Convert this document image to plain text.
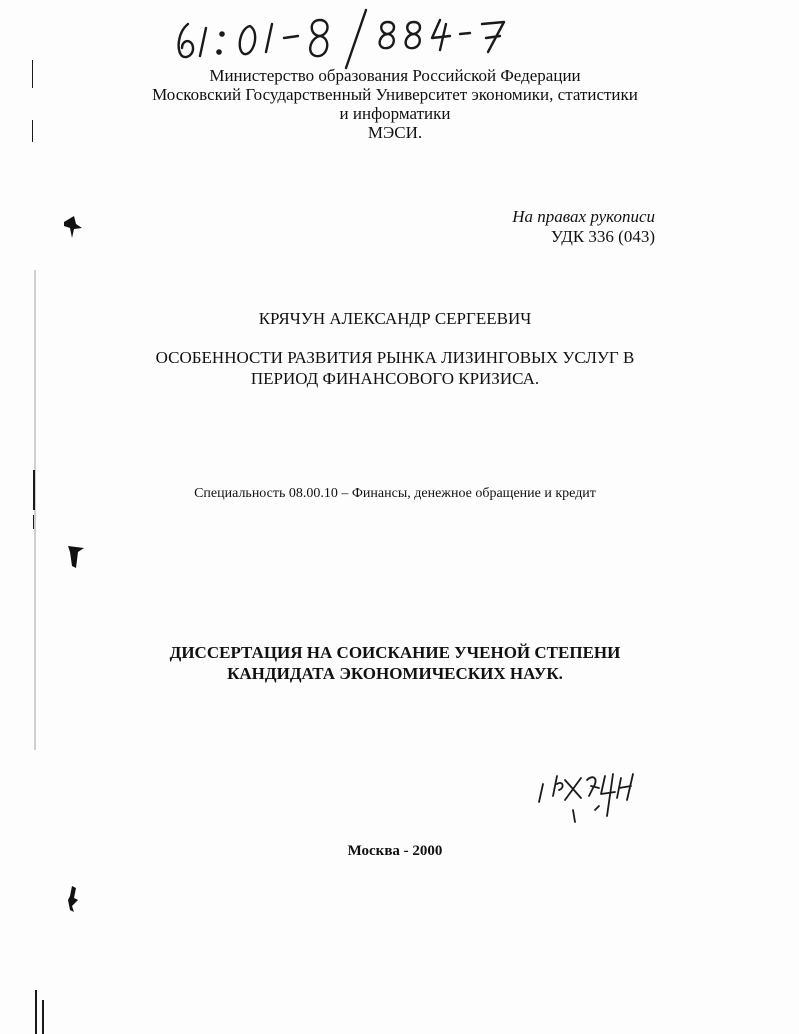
Министерство образования Российской Федерации
Московский Государственный Университет экономики, статистики
и информатики
МЭСИ.
На правах рукописи
УДК 336 (043)
КРЯЧУН АЛЕКСАНДР СЕРГЕЕВИЧ
ОСОБЕННОСТИ РАЗВИТИЯ РЫНКА ЛИЗИНГОВЫХ УСЛУГ В
ПЕРИОД ФИНАНСОВОГО КРИЗИСА.
Специальность 08.00.10 – Финансы, денежное обращение и кредит
ДИССЕРТАЦИЯ НА СОИСКАНИЕ УЧЕНОЙ СТЕПЕНИ
КАНДИДАТА ЭКОНОМИЧЕСКИХ НАУК.
Москва - 2000
